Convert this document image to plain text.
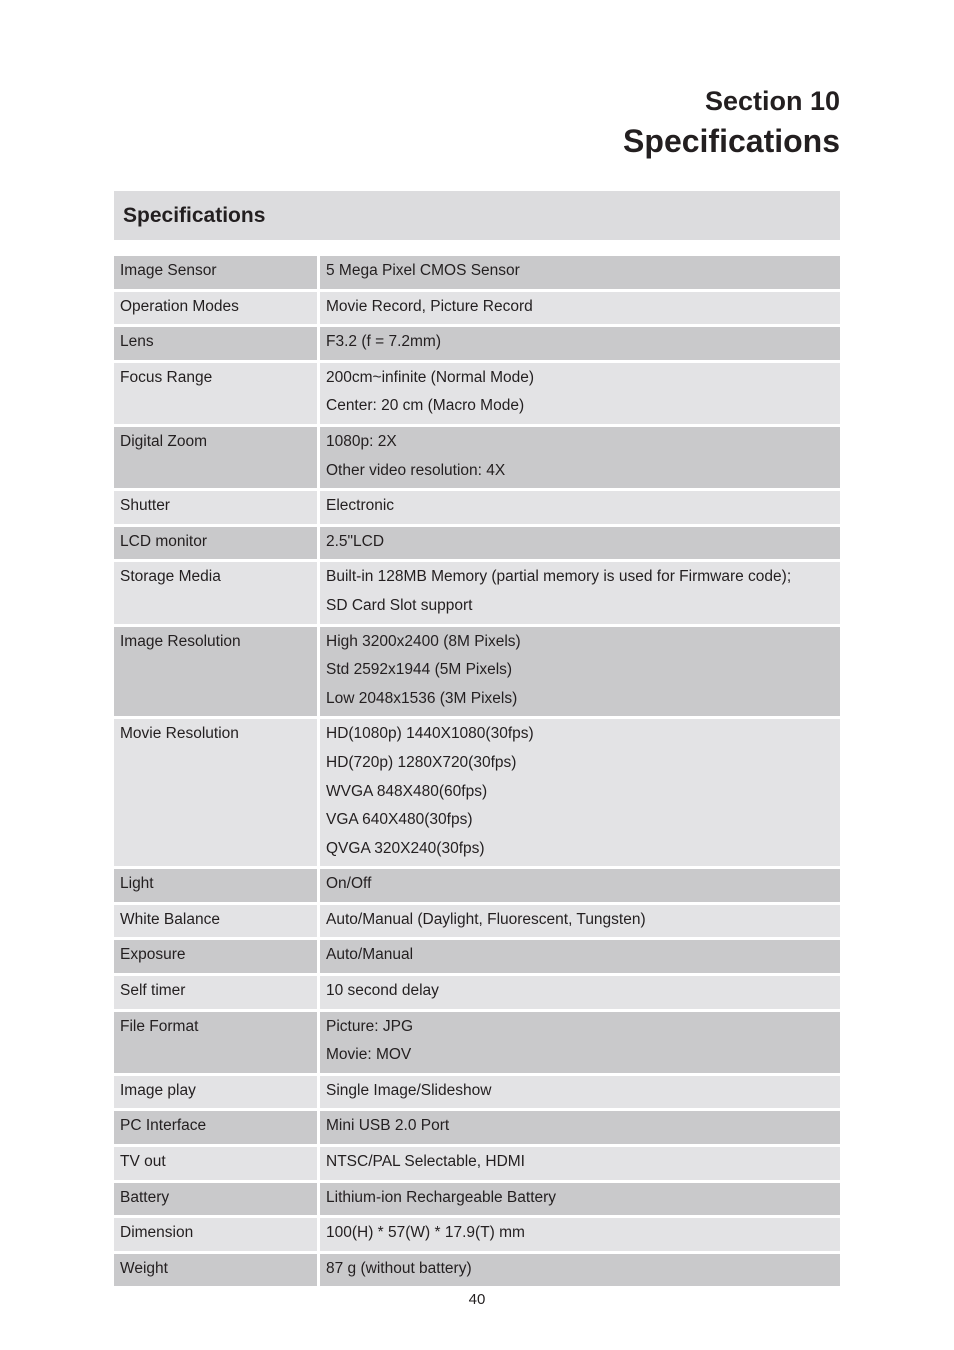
Section 10
Specifications
Specifications
Image Sensor	5 Mega Pixel CMOS Sensor
Operation Modes	Movie Record, Picture Record
Lens	F3.2 (f = 7.2mm)
Focus Range	200cm~infinite (Normal Mode)
Center: 20 cm (Macro Mode)
Digital Zoom	1080p: 2X
Other video resolution: 4X
Shutter	Electronic
LCD monitor	2.5"LCD
Storage Media	Built-in 128MB Memory (partial memory is used for Firmware code);
SD Card Slot support
Image Resolution	High 3200x2400 (8M Pixels)
Std 2592x1944 (5M Pixels)
Low 2048x1536 (3M Pixels)
Movie Resolution	HD(1080p) 1440X1080(30fps)
HD(720p) 1280X720(30fps)
WVGA 848X480(60fps)
VGA 640X480(30fps)
QVGA 320X240(30fps)
Light	On/Off
White Balance	Auto/Manual (Daylight, Fluorescent, Tungsten)
Exposure	Auto/Manual
Self timer	10 second delay
File Format	Picture: JPG
Movie: MOV
Image play	Single Image/Slideshow
PC Interface	Mini USB 2.0 Port
TV out	NTSC/PAL Selectable, HDMI
Battery	Lithium-ion Rechargeable Battery
Dimension	100(H) * 57(W) * 17.9(T) mm
Weight	87 g (without battery)
40
